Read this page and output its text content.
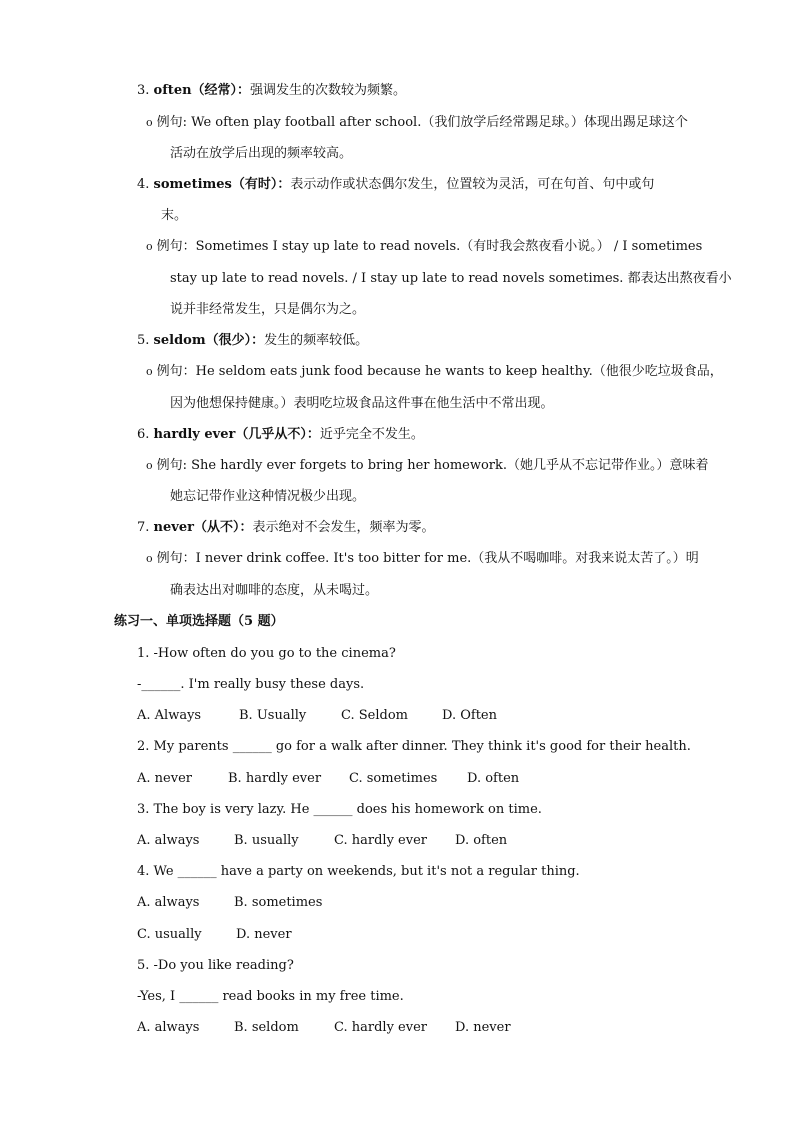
3. often（经常）：强调发生的次数较为频繁。
o 例句: We often play football after school.（我们放学后经常踢足球。）体现出踢足球这个
活动在放学后出现的频率较高。
4. sometimes（有时）：表示动作或状态偶尔发生，位置较为灵活，可在句首、句中或句
末。
o 例句：Sometimes I stay up late to read novels.（有时我会熬夜看小说。） / I sometimes
stay up late to read novels. / I stay up late to read novels sometimes. 都表达出熬夜看小
说并非经常发生，只是偶尔为之。
5. seldom（很少）：发生的频率较低。
o 例句：He seldom eats junk food because he wants to keep healthy.（他很少吃垃圾食品，
因为他想保持健康。）表明吃垃圾食品这件事在他生活中不常出现。
6. hardly ever（几乎从不）：近乎完全不发生。
o 例句: She hardly ever forgets to bring her homework.（她几乎从不忘记带作业。）意味着
她忘记带作业这种情况极少出现。
7. never（从不）：表示绝对不会发生，频率为零。
o 例句：I never drink coffee. It's too bitter for me.（我从不喝咖啡。对我来说太苦了。）明
确表达出对咖啡的态度，从未喝过。
练习一、单项选择题（5 题）
1. -How often do you go to the cinema?
-______. I'm really busy these days.
A. Always	B. Usually	C. Seldom	D. Often
2. My parents ______ go for a walk after dinner. They think it's good for their health.
A. never	B. hardly ever C. sometimes D. often
3. The boy is very lazy. He ______ does his homework on time.
A. always	B. usually	C. hardly ever D. often
4. We ______ have a party on weekends, but it's not a regular thing.
A. always	B. sometimes
C. usually	D. never
5. -Do you like reading?
-Yes, I ______ read books in my free time.
A. always	B. seldom	C. hardly ever D. never
